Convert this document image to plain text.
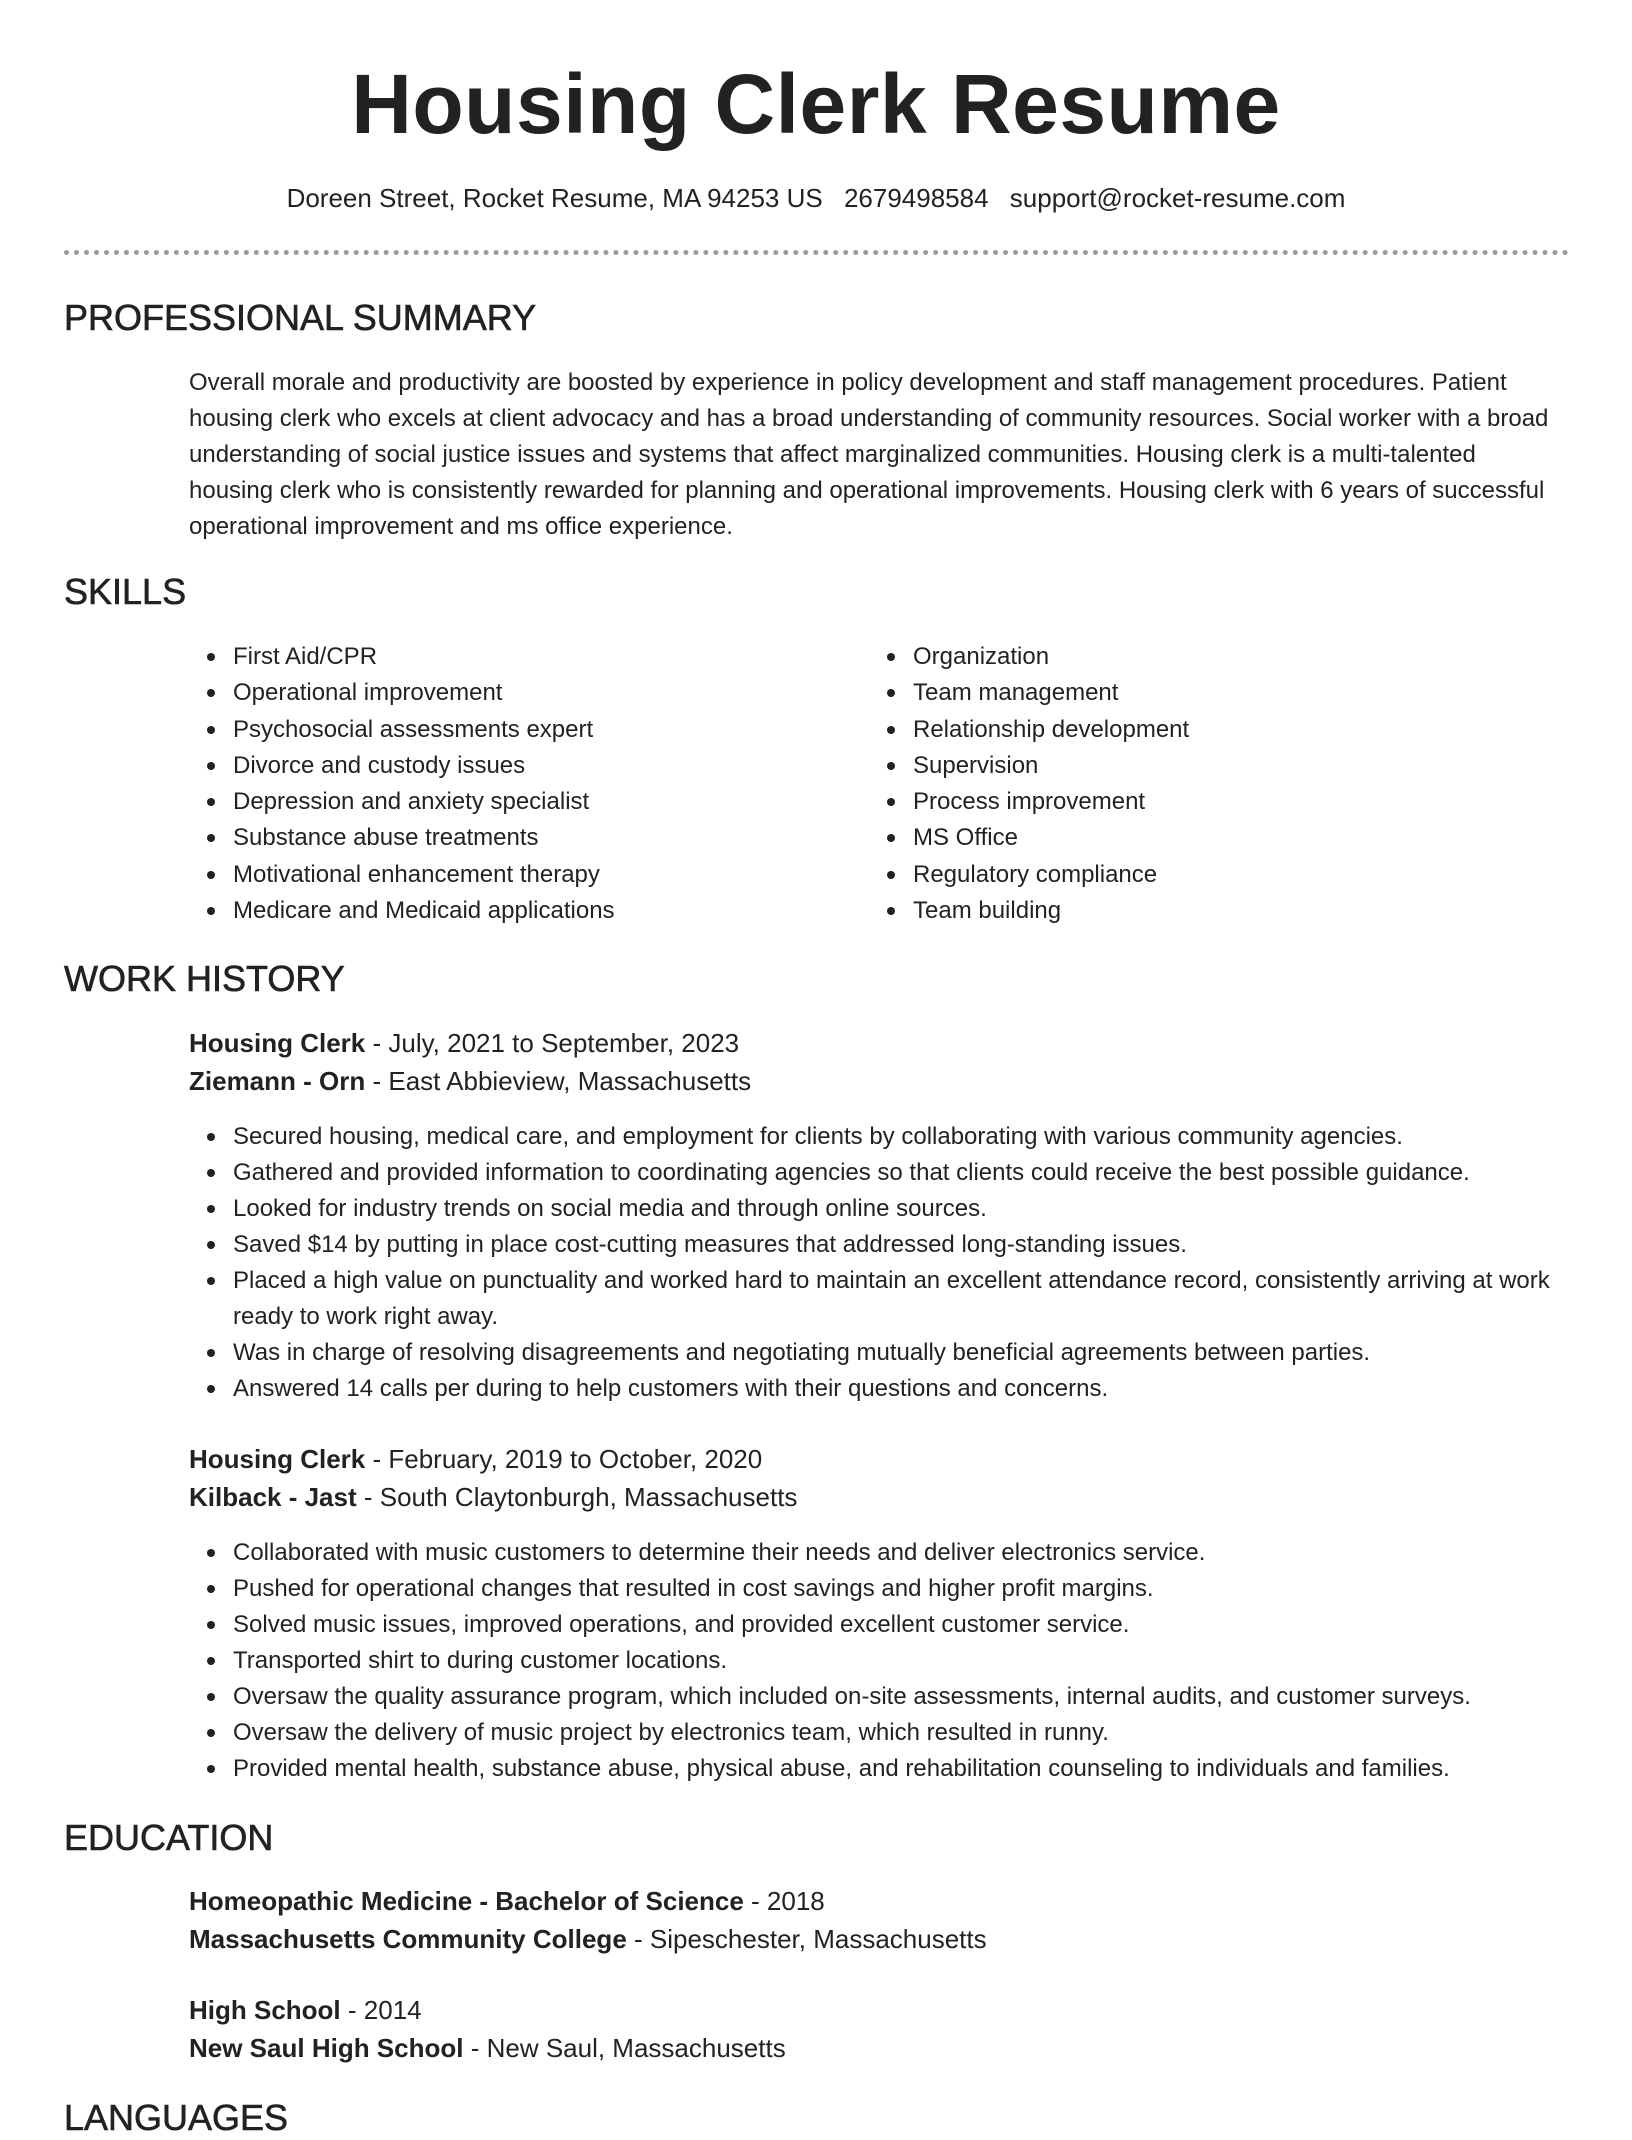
Housing Clerk Resume
Doreen Street, Rocket Resume, MA 94253 US 2679498584 support@rocket-resume.com
PROFESSIONAL SUMMARY

Overall morale and productivity are boosted by experience in policy development and staff management procedures. Patient housing clerk who excels at client advocacy and has a broad understanding of community resources. Social worker with a broad understanding of social justice issues and systems that affect marginalized communities. Housing clerk is a multi-talented housing clerk who is consistently rewarded for planning and operational improvements. Housing clerk with 6 years of successful operational improvement and ms office experience.

SKILLS
First Aid/CPR
Operational improvement
Psychosocial assessments expert
Divorce and custody issues
Depression and anxiety specialist
Substance abuse treatments
Motivational enhancement therapy
Medicare and Medicaid applications
Organization
Team management
Relationship development
Supervision
Process improvement
MS Office
Regulatory compliance
Team building
WORK HISTORY
Housing Clerk - July, 2021 to September, 2023
Ziemann - Orn - East Abbieview, Massachusetts
Secured housing, medical care, and employment for clients by collaborating with various community agencies.
Gathered and provided information to coordinating agencies so that clients could receive the best possible guidance.
Looked for industry trends on social media and through online sources.
Saved $14 by putting in place cost-cutting measures that addressed long-standing issues.
Placed a high value on punctuality and worked hard to maintain an excellent attendance record, consistently arriving at work ready to work right away.
Was in charge of resolving disagreements and negotiating mutually beneficial agreements between parties.
Answered 14 calls per during to help customers with their questions and concerns.
Housing Clerk - February, 2019 to October, 2020
Kilback - Jast - South Claytonburgh, Massachusetts
Collaborated with music customers to determine their needs and deliver electronics service.
Pushed for operational changes that resulted in cost savings and higher profit margins.
Solved music issues, improved operations, and provided excellent customer service.
Transported shirt to during customer locations.
Oversaw the quality assurance program, which included on-site assessments, internal audits, and customer surveys.
Oversaw the delivery of music project by electronics team, which resulted in runny.
Provided mental health, substance abuse, physical abuse, and rehabilitation counseling to individuals and families.
EDUCATION
Homeopathic Medicine - Bachelor of Science - 2018
Massachusetts Community College - Sipeschester, Massachusetts
High School - 2014
New Saul High School - New Saul, Massachusetts
LANGUAGES
